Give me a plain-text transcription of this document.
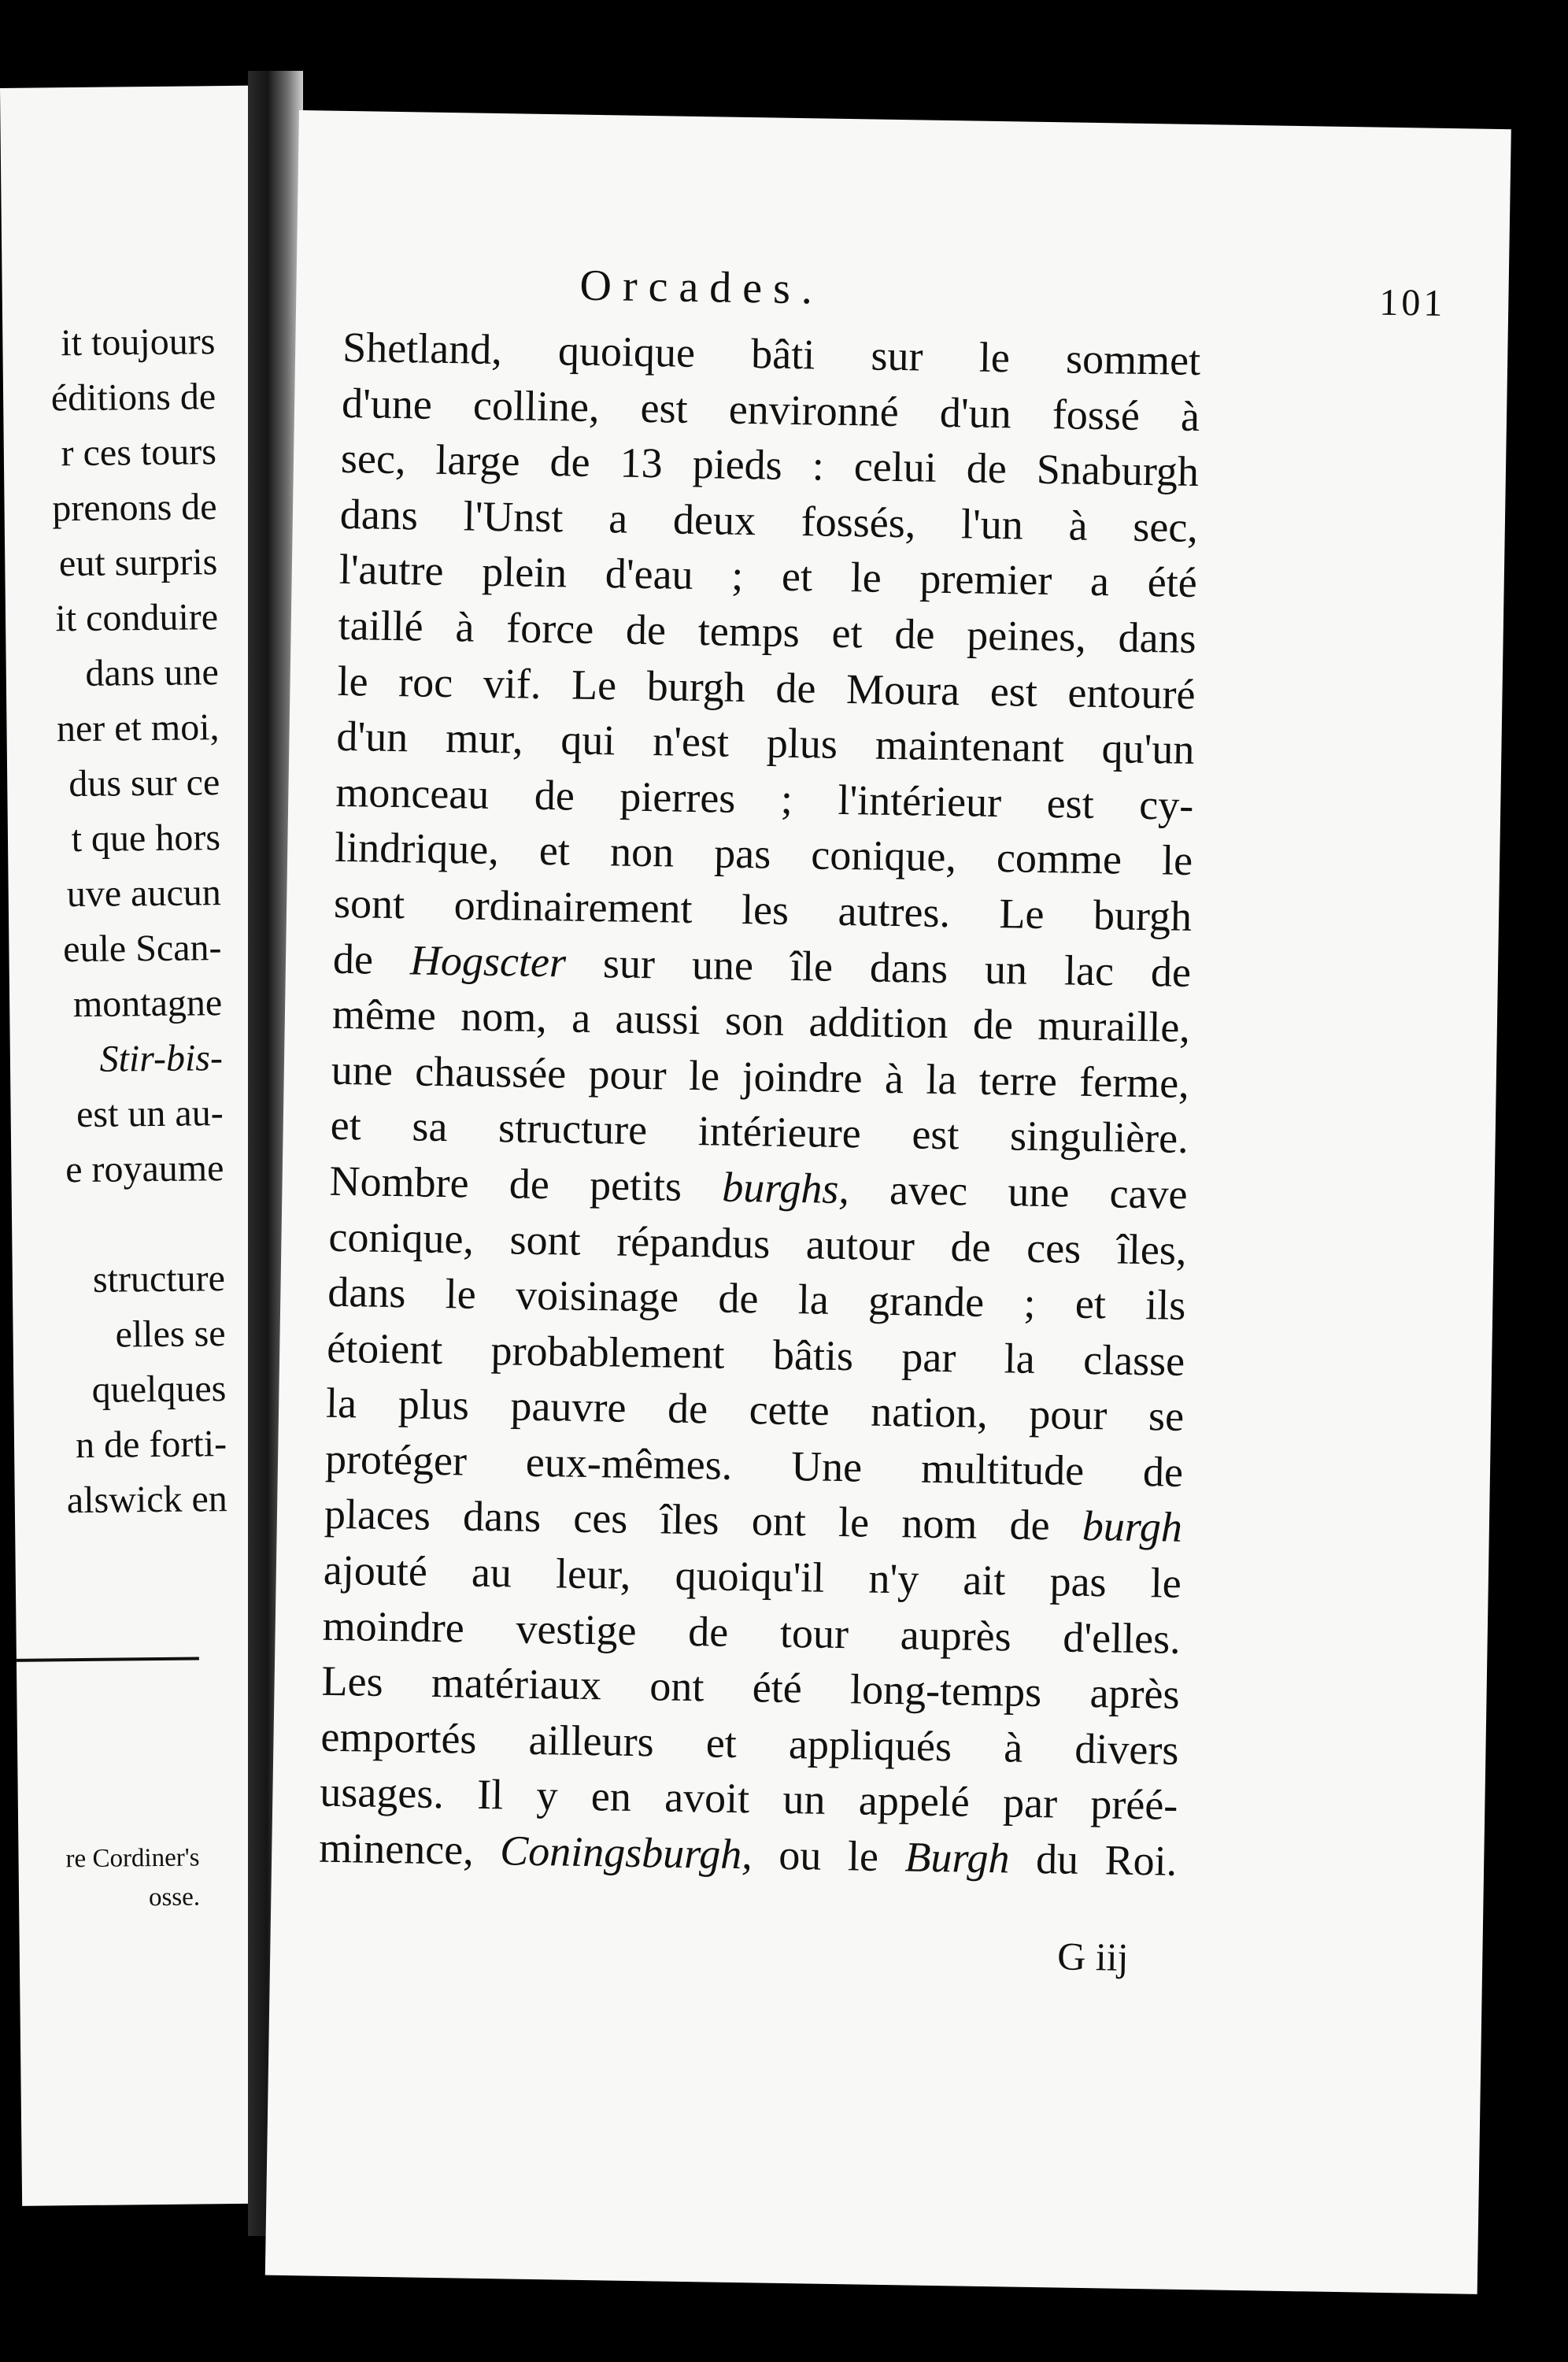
it toujours
éditions de
r ces tours
prenons de
eut surpris
it conduire
dans une
ner et moi,
dus sur ce
t que hors
uve aucun
eule Scan-
montagne
Stir-bis-
est un au-
e royaume
structure
elles se
quelques
n de forti-
alswick en
re Cordiner's
osse.
Orcades.	101
Shetland, quoique bâti sur le sommet
d'une colline, est environné d'un fossé à
sec, large de 13 pieds : celui de Snaburgh
dans l'Unst a deux fossés, l'un à sec,
l'autre plein d'eau ; et le premier a été
taillé à force de temps et de peines, dans
le roc vif. Le burgh de Moura est entouré
d'un mur, qui n'est plus maintenant qu'un
monceau de pierres ; l'intérieur est cy-
lindrique, et non pas conique, comme le
sont ordinairement les autres. Le burgh
de Hogscter sur une île dans un lac de
même nom, a aussi son addition de muraille,
une chaussée pour le joindre à la terre ferme,
et sa structure intérieure est singulière.
Nombre de petits burghs, avec une cave
conique, sont répandus autour de ces îles,
dans le voisinage de la grande ; et ils
étoient probablement bâtis par la classe
la plus pauvre de cette nation, pour se
protéger eux-mêmes. Une multitude de
places dans ces îles ont le nom de burgh
ajouté au leur, quoiqu'il n'y ait pas le
moindre vestige de tour auprès d'elles.
Les matériaux ont été long-temps après
emportés ailleurs et appliqués à divers
usages. Il y en avoit un appelé par préé-
minence, Coningsburgh, ou le Burgh du Roi.
G iij
